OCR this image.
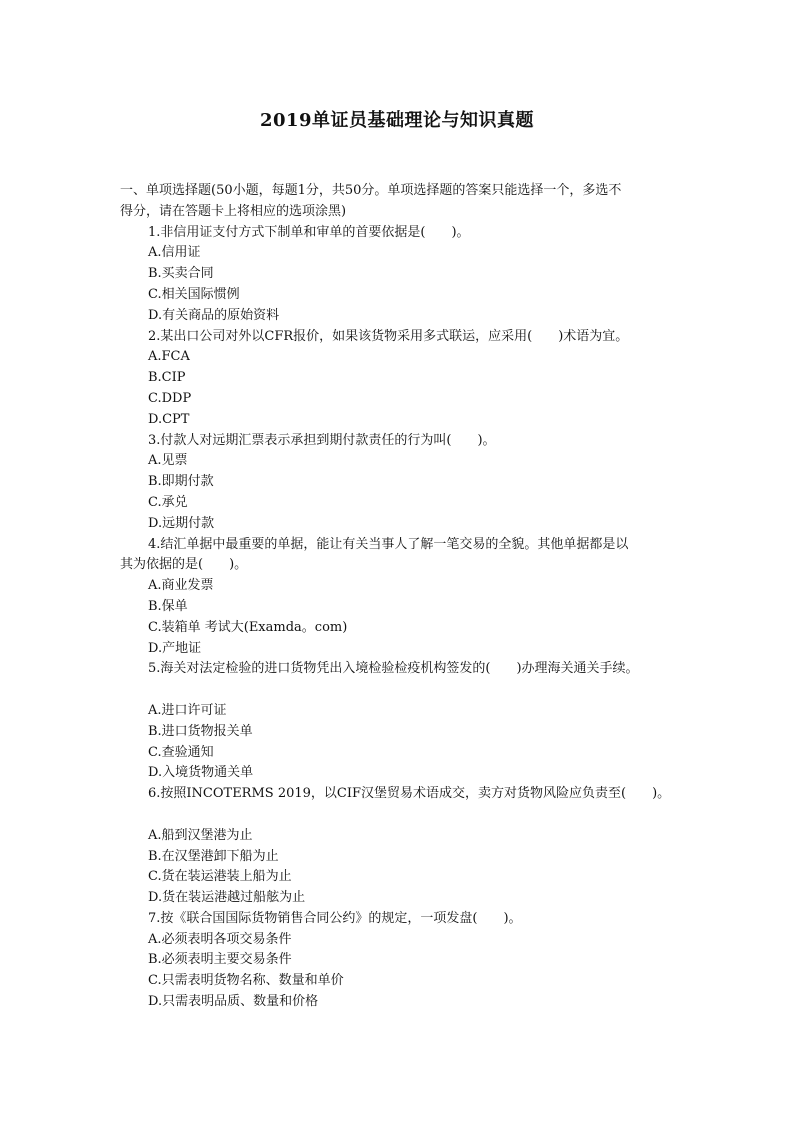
2019单证员基础理论与知识真题
一、单项选择题(50小题，每题1分，共50分。单项选择题的答案只能选择一个，多选不
得分，请在答题卡上将相应的选项涂黑)
1.非信用证支付方式下制单和审单的首要依据是(　　)。
A.信用证
B.买卖合同
C.相关国际惯例
D.有关商品的原始资料
2.某出口公司对外以CFR报价，如果该货物采用多式联运，应采用(　　)术语为宜。
A.FCA
B.CIP
C.DDP
D.CPT
3.付款人对远期汇票表示承担到期付款责任的行为叫(　　)。
A.见票
B.即期付款
C.承兑
D.远期付款
4.结汇单据中最重要的单据，能让有关当事人了解一笔交易的全貌。其他单据都是以
其为依据的是(　　)。
A.商业发票
B.保单
C.装箱单 考试大(Examda。com)
D.产地证
5.海关对法定检验的进口货物凭出入境检验检疫机构签发的(　　)办理海关通关手续。
A.进口许可证
B.进口货物报关单
C.查验通知
D.入境货物通关单
6.按照INCOTERMS 2019，以CIF汉堡贸易术语成交，卖方对货物风险应负责至(　　)。
A.船到汉堡港为止
B.在汉堡港卸下船为止
C.货在装运港装上船为止
D.货在装运港越过船舷为止
7.按《联合国国际货物销售合同公约》的规定，一项发盘(　　)。
A.必须表明各项交易条件
B.必须表明主要交易条件
C.只需表明货物名称、数量和单价
D.只需表明品质、数量和价格
